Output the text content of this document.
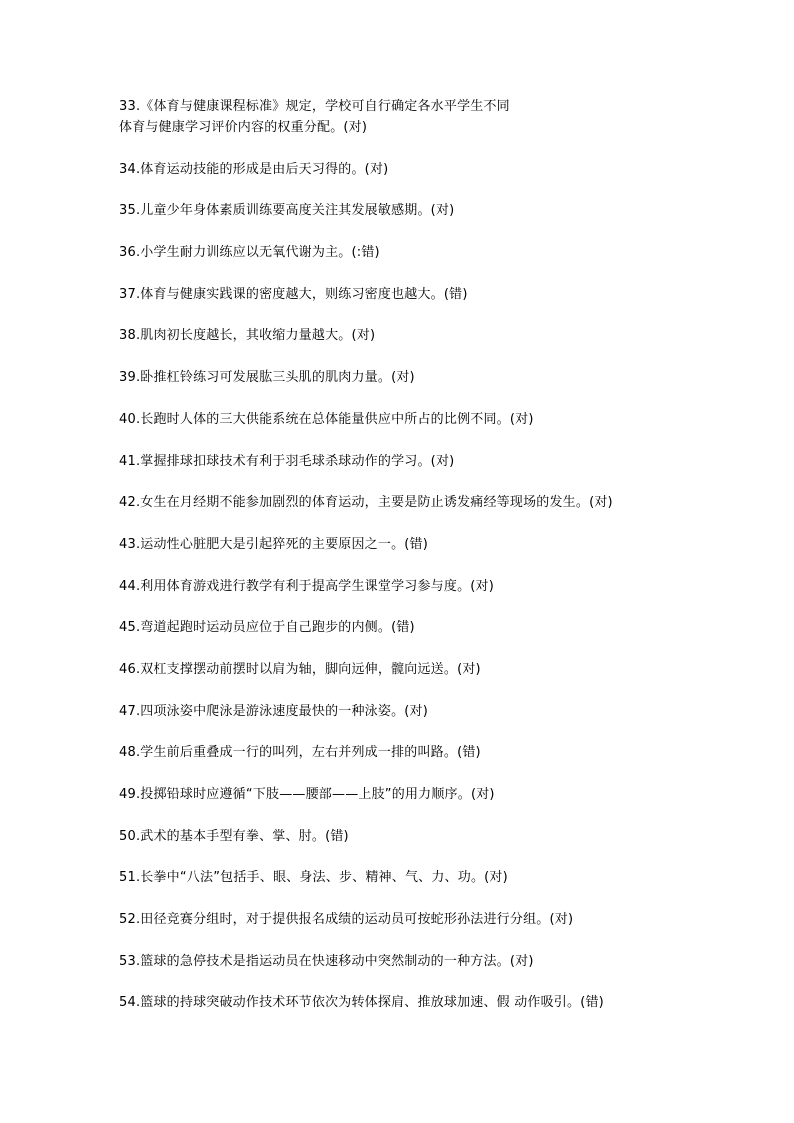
33.《体育与健康课程标准》规定，学校可自行确定各水平学生不同
体育与健康学习评价内容的权重分配。(对)
34.体育运动技能的形成是由后天习得的。(对)
35.儿童少年身体素质训练要高度关注其发展敏感期。(对)
36.小学生耐力训练应以无氧代谢为主。(:错)
37.体育与健康实践课的密度越大，则练习密度也越大。(错)
38.肌肉初长度越长，其收缩力量越大。(对)
39.卧推杠铃练习可发展肱三头肌的肌肉力量。(对)
40.长跑时人体的三大供能系统在总体能量供应中所占的比例不同。(对)
41.掌握排球扣球技术有利于羽毛球杀球动作的学习。(对)
42.女生在月经期不能参加剧烈的体育运动，主要是防止诱发痛经等现场的发生。(对)
43.运动性心脏肥大是引起猝死的主要原因之一。(错)
44.利用体育游戏进行教学有利于提高学生课堂学习参与度。(对)
45.弯道起跑时运动员应位于自己跑步的内侧。(错)
46.双杠支撑摆动前摆时以肩为轴，脚向远伸，髋向远送。(对)
47.四项泳姿中爬泳是游泳速度最快的一种泳姿。(对)
48.学生前后重叠成一行的叫列，左右并列成一排的叫路。(错)
49.投掷铅球时应遵循“下肢——腰部——上肢”的用力顺序。(对)
50.武术的基本手型有拳、掌、肘。(错)
51.长拳中“八法”包括手、眼、身法、步、精神、气、力、功。(对)
52.田径竞赛分组时，对于提供报名成绩的运动员可按蛇形孙法进行分组。(对)
53.篮球的急停技术是指运动员在快速移动中突然制动的一种方法。(对)
54.篮球的持球突破动作技术环节依次为转体探肩、推放球加速、假 动作吸引。(错)
